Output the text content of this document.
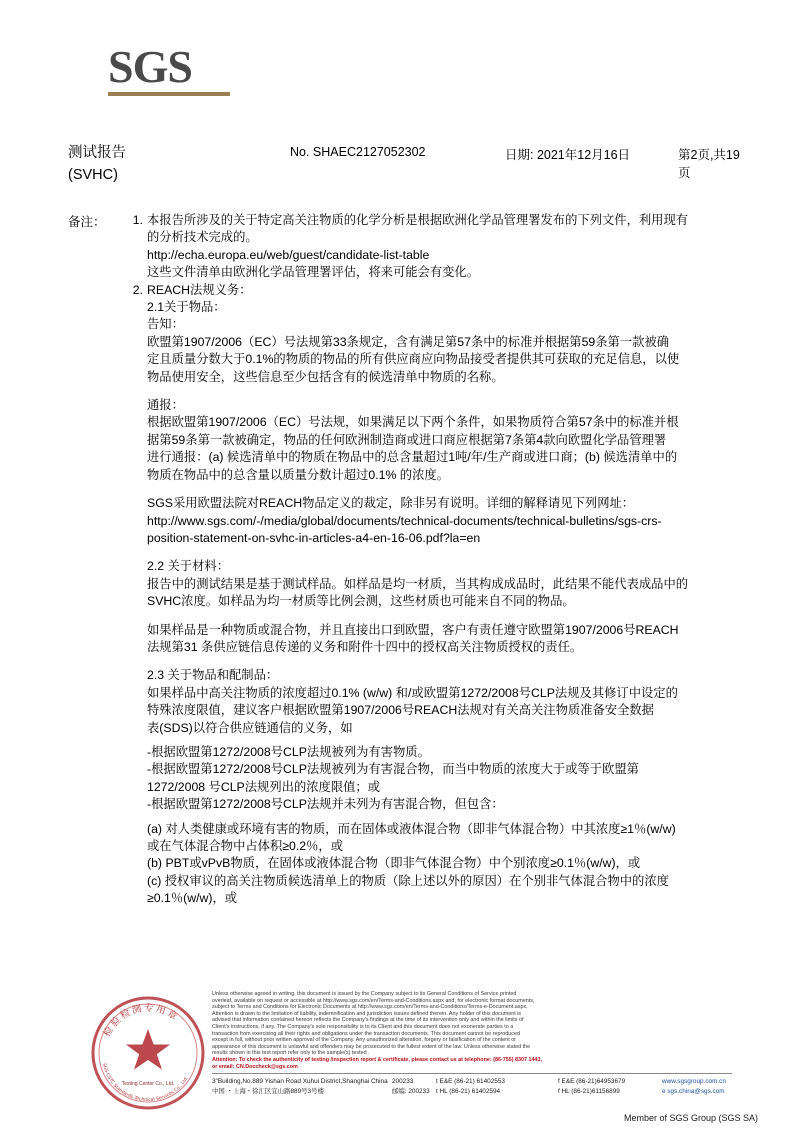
SGS
测试报告
(SVHC)
No. SHAEC2127052302	日期: 2021年12月16日	第2页,共19页
备注：	1. 本报告所涉及的关于特定高关注物质的化学分析是根据欧洲化学品管理署发布的下列文件，利用现有
的分析技术完成的。
http://echa.europa.eu/web/guest/candidate-list-table
这些文件清单由欧洲化学品管理署评估，将来可能会有变化。
2. REACH法规义务：
2.1关于物品：
告知：
欧盟第1907/2006（EC）号法规第33条规定，含有满足第57条中的标准并根据第59条第一款被确
定且质量分数大于0.1%的物质的物品的所有供应商应向物品接受者提供其可获取的充足信息，以使
物品使用安全，这些信息至少包括含有的候选清单中物质的名称。
通报：
根据欧盟第1907/2006（EC）号法规，如果满足以下两个条件，如果物质符合第57条中的标准并根
据第59条第一款被确定，物品的任何欧洲制造商或进口商应根据第7条第4款向欧盟化学品管理署
进行通报：(a) 候选清单中的物质在物品中的总含量超过1吨/年/生产商或进口商；(b) 候选清单中的
物质在物品中的总含量以质量分数计超过0.1% 的浓度。
SGS采用欧盟法院对REACH物品定义的裁定，除非另有说明。详细的解释请见下列网址：
http://www.sgs.com/-/media/global/documents/technical-documents/technical-bulletins/sgs-crs-
position-statement-on-svhc-in-articles-a4-en-16-06.pdf?la=en
2.2 关于材料：
报告中的测试结果是基于测试样品。如样品是均一材质，当其构成成品时，此结果不能代表成品中的
SVHC浓度。如样品为均一材质等比例会测，这些材质也可能来自不同的物品。
如果样品是一种物质或混合物，并且直接出口到欧盟，客户有责任遵守欧盟第1907/2006号REACH
法规第31 条供应链信息传递的义务和附件十四中的授权高关注物质授权的责任。
2.3 关于物品和配制品：
如果样品中高关注物质的浓度超过0.1% (w/w) 和/或欧盟第1272/2008号CLP法规及其修订中设定的
特殊浓度限值，建议客户根据欧盟第1907/2006号REACH法规对有关高关注物质准备安全数据
表(SDS)以符合供应链通信的义务，如
-根据欧盟第1272/2008号CLP法规被列为有害物质。
-根据欧盟第1272/2008号CLP法规被列为有害混合物，而当中物质的浓度大于或等于欧盟第
1272/2008 号CLP法规列出的浓度限值；或
-根据欧盟第1272/2008号CLP法规并未列为有害混合物，但包含：
(a) 对人类健康或环境有害的物质，而在固体或液体混合物（即非气体混合物）中其浓度≥1％(w/w)
或在气体混合物中占体积≥0.2％，或
(b) PBT或vPvB物质，在固体或液体混合物（即非气体混合物）中个别浓度≥0.1％(w/w)，或
(c) 授权审议的高关注物质候选清单上的物质（除上述以外的原因）在个别非气体混合物中的浓度
≥0.1％(w/w)，或
检验检测专用章
SGS-CSTC Standards Technical Services Co., Ltd.
Testing Center Co., Ltd.
Unless otherwise agreed in writing, this document is issued by the Company subject to its General Conditions of Service printed
overleaf, available on request or accessible at http://www.sgs.com/en/Terms-and-Conditions.aspx and, for electronic format documents,
subject to Terms and Conditions for Electronic Documents at http://www.sgs.com/en/Terms-and-Conditions/Terms-e-Document.aspx.
Attention is drawn to the limitation of liability, indemnification and jurisdiction issues defined therein. Any holder of this document is
advised that information contained hereon reflects the Company's findings at the time of its intervention only and within the limits of
Client's instructions, if any. The Company's sole responsibility is to its Client and this document does not exonerate parties to a
transaction from exercising all their rights and obligations under the transaction documents. This document cannot be reproduced
except in full, without prior written approval of the Company. Any unauthorized alteration, forgery or falsification of the content or
appearance of this document is unlawful and offenders may be prosecuted to the fullest extent of the law. Unless otherwise stated the
results shown in this test report refer only to the sample(s) tested .
Attention: To check the authenticity of testing /inspection report & certificate, please contact us at telephone: (86-755) 8307 1443,
or email: CN.Doccheck@sgs.com
3"Building,No.889 Yishan Road Xuhui District,Shanghai China 200233	t E&E (86-21) 61402553	f E&E (86-21)64953679	www.sgsgroup.com.cn
中国 ・上海・徐汇区宜山路889号3号楼	邮编: 200233 t HL (86-21) 61402594	f HL (86-21)61156899	e sgs.china@sgs.com
Member of SGS Group (SGS SA)
